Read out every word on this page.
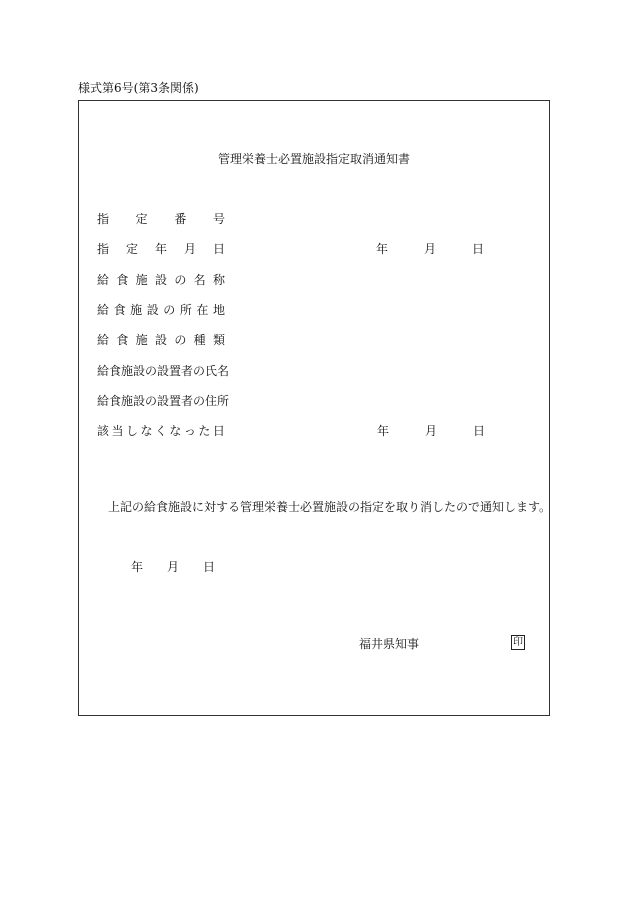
様式第6号(第3条関係)
管理栄養士必置施設指定取消通知書
指 定 番 号
指 定 年 月 日	年	月	日
給 食 施 設 の 名 称
給 食 施 設 の 所 在 地
給 食 施 設 の 種 類
給食施設の設置者の氏名
給食施設の設置者の住所
該 当 し な く な っ た 日	年	月	日
上記の給食施設に対する管理栄養士必置施設の指定を取り消したので通知します。
年 月 日
福井県知事	印
